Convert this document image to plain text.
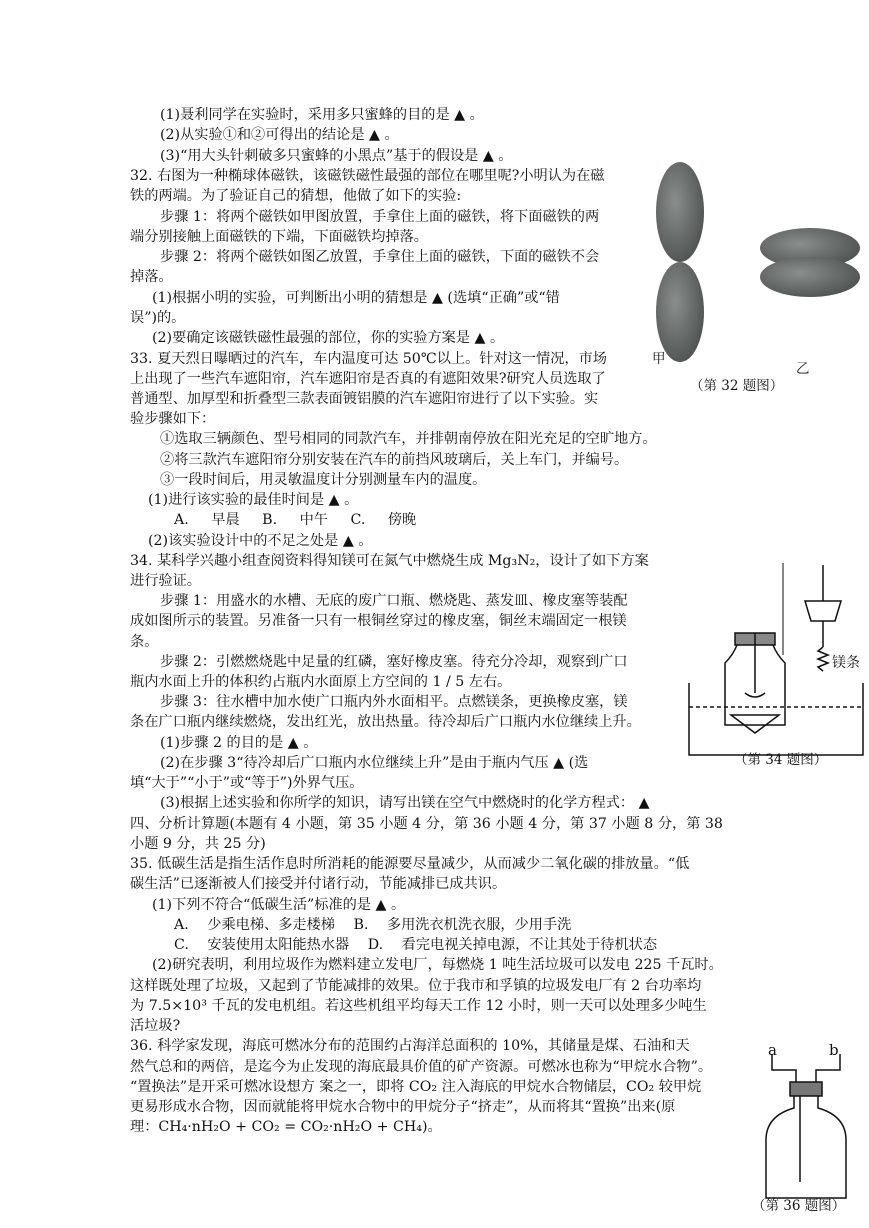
(1)聂利同学在实验时，采用多只蜜蜂的目的是 ▲ 。
(2)从实验①和②可得出的结论是 ▲ 。
(3)“用大头针刺破多只蜜蜂的小黑点”基于的假设是 ▲ 。
32. 右图为一种椭球体磁铁，该磁铁磁性最强的部位在哪里呢?小明认为在磁
铁的两端。为了验证自己的猜想，他做了如下的实验:
步骤 1：将两个磁铁如甲图放置，手拿住上面的磁铁，将下面磁铁的两
端分别接触上面磁铁的下端，下面磁铁均掉落。
步骤 2：将两个磁铁如图乙放置，手拿住上面的磁铁，下面的磁铁不会
掉落。
(1)根据小明的实验，可判断出小明的猜想是 ▲ (选填“正确”或“错
误”)的。
(2)要确定该磁铁磁性最强的部位，你的实验方案是 ▲ 。
33. 夏天烈日曝晒过的汽车，车内温度可达 50℃以上。针对这一情况，市场
上出现了一些汽车遮阳帘，汽车遮阳帘是否真的有遮阳效果?研究人员选取了
普通型、加厚型和折叠型三款表面镀铝膜的汽车遮阳帘进行了以下实验。实
验步骤如下：
①选取三辆颜色、型号相同的同款汽车，并排朝南停放在阳光充足的空旷地方。
②将三款汽车遮阳帘分别安装在汽车的前挡风玻璃后，关上车门，并编号。
③一段时间后，用灵敏温度计分别测量车内的温度。
(1)进行该实验的最佳时间是 ▲ 。
A. 早晨 B. 中午 C. 傍晚
(2)该实验设计中的不足之处是 ▲ 。
34. 某科学兴趣小组查阅资料得知镁可在氮气中燃烧生成 Mg₃N₂，设计了如下方案
进行验证。
步骤 1：用盛水的水槽、无底的废广口瓶、燃烧匙、蒸发皿、橡皮塞等装配
成如图所示的装置。另准备一只有一根铜丝穿过的橡皮塞，铜丝末端固定一根镁
条。
步骤 2：引燃燃烧匙中足量的红磷，塞好橡皮塞。待充分冷却，观察到广口
瓶内水面上升的体积约占瓶内水面原上方空间的 1 / 5 左右。
步骤 3：往水槽中加水使广口瓶内外水面相平。点燃镁条，更换橡皮塞，镁
条在广口瓶内继续燃烧，发出红光，放出热量。待冷却后广口瓶内水位继续上升。
(1)步骤 2 的目的是 ▲ 。
(2)在步骤 3“待冷却后广口瓶内水位继续上升”是由于瓶内气压 ▲ (选
填“大于”“小于”或“等于”)外界气压。
(3)根据上述实验和你所学的知识，请写出镁在空气中燃烧时的化学方程式： ▲
四、分析计算题(本题有 4 小题，第 35 小题 4 分，第 36 小题 4 分，第 37 小题 8 分，第 38
小题 9 分，共 25 分)
35. 低碳生活是指生活作息时所消耗的能源要尽量减少，从而减少二氧化碳的排放量。“低
碳生活”已逐渐被人们接受并付诸行动，节能减排已成共识。
(1)下列不符合“低碳生活”标准的是 ▲ 。
A. 少乘电梯、多走楼梯 B. 多用洗衣机洗衣服，少用手洗
C. 安装使用太阳能热水器 D. 看完电视关掉电源，不让其处于待机状态
(2)研究表明，利用垃圾作为燃料建立发电厂，每燃烧 1 吨生活垃圾可以发电 225 千瓦时。
这样既处理了垃圾，又起到了节能减排的效果。位于我市和孚镇的垃圾发电厂有 2 台功率均
为 7.5×10³ 千瓦的发电机组。若这些机组平均每天工作 12 小时，则一天可以处理多少吨生
活垃圾?
36. 科学家发现，海底可燃冰分布的范围约占海洋总面积的 10%，其储量是煤、石油和天
然气总和的两倍，是迄今为止发现的海底最具价值的矿产资源。可燃冰也称为“甲烷水合物”。
“置换法”是开采可燃冰设想方 案之一，即将 CO₂ 注入海底的甲烷水合物储层，CO₂ 较甲烷
更易形成水合物，因而就能将甲烷水合物中的甲烷分子“挤走”，从而将其“置换”出来(原
理：CH₄·nH₂O + CO₂ = CO₂·nH₂O + CH₄)。
甲
乙
（第 32 题图）
镁条
（第 34 题图）
a	b
（第 36 题图）
